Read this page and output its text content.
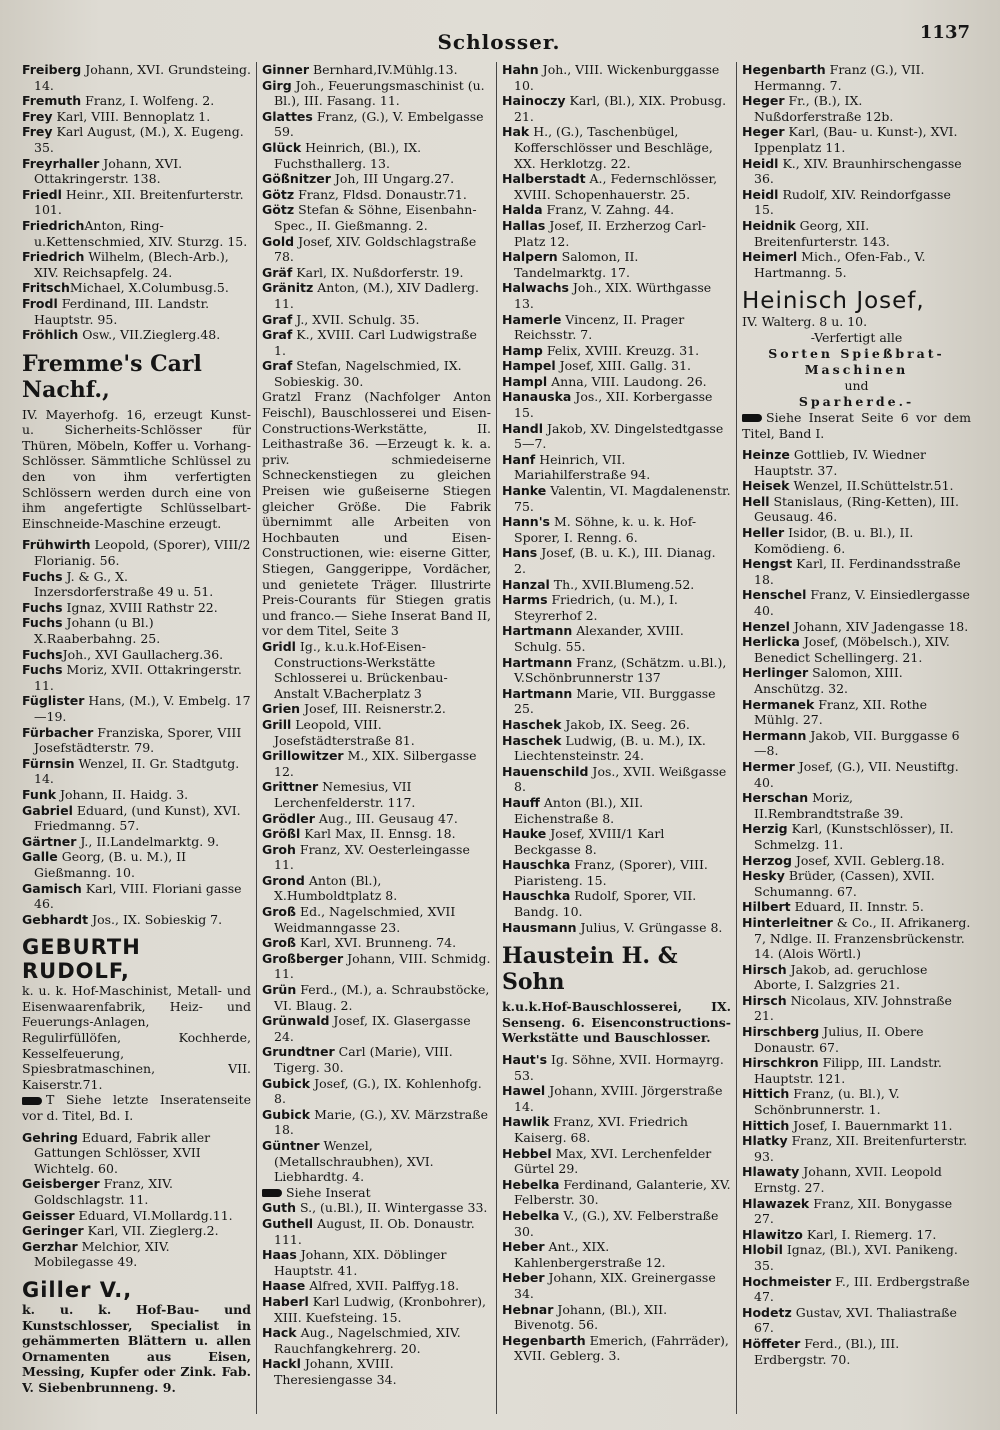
Schlosser.	1137

Freiberg Johann, XVI. Grundsteing. 14.

Fremuth Franz, I. Wolfeng. 2.

Frey Karl, VIII. Bennoplatz 1.

Frey Karl August, (M.), X. Eugeng. 35.

Freyrhaller Johann, XVI. Ottakringerstr. 138.

Friedl Heinr., XII. Breitenfurterstr. 101.

FriedrichAnton, Ring-u.Kettenschmied, XIV. Sturzg. 15.

Friedrich Wilhelm, (Blech-Arb.), XIV. Reichsapfelg. 24.

FritschMichael, X.Columbusg.5.

Frodl Ferdinand, III. Landstr. Hauptstr. 95.

Fröhlich Osw., VII.Zieglerg.48.

Fremme's Carl Nachf.,

IV. Mayerhofg. 16, erzeugt Kunst- u. Sicherheits-Schlösser für Thüren, Möbeln, Koffer u. Vorhang-Schlösser. Sämmtliche Schlüssel zu den von ihm verfertigten Schlössern werden durch eine von ihm angefertigte Schlüsselbart-Einschneide-Maschine erzeugt.

Frühwirth Leopold, (Sporer), VIII/2 Florianig. 56.

Fuchs J. & G., X. Inzersdorferstraße 49 u. 51.

Fuchs Ignaz, XVIII Rathstr 22.

Fuchs Johann (u Bl.) X.Raaberbahng. 25.

FuchsJoh., XVI Gaullacherg.36.

Fuchs Moriz, XVII. Ottakringerstr. 11.

Füglister Hans, (M.), V. Embelg. 17—19.

Fürbacher Franziska, Sporer, VIII Josefstädterstr. 79.

Fürnsin Wenzel, II. Gr. Stadtgutg. 14.

Funk Johann, II. Haidg. 3.

Gabriel Eduard, (und Kunst), XVI. Friedmanng. 57.

Gärtner J., II.Landelmarktg. 9.

Galle Georg, (B. u. M.), II Gießmanng. 10.

Gamisch Karl, VIII. Floriani gasse 46.

Gebhardt Jos., IX. Sobieskig 7.

GEBURTH RUDOLF,

k. u. k. Hof-Maschinist, Metall- und Eisenwaarenfabrik, Heiz- und Feuerungs-Anlagen, Regulirfüllöfen, Kochherde, Kesselfeuerung, Spiesbratmaschinen, VII. Kaiserstr.71.

T Siehe letzte Inseratenseite vor d. Titel, Bd. I.

Gehring Eduard, Fabrik aller Gattungen Schlösser, XVII Wichtelg. 60.

Geisberger Franz, XIV. Goldschlagstr. 11.

Geisser Eduard, VI.Mollardg.11.

Geringer Karl, VII. Zieglerg.2.

Gerzhar Melchior, XIV. Mobilegasse 49.

Giller V.,

k. u. k. Hof-Bau- und Kunstschlosser, Specialist in gehämmerten Blättern u. allen Ornamenten aus Eisen, Messing, Kupfer oder Zink. Fab. V. Siebenbrunneng. 9.

Ginner Bernhard,IV.Mühlg.13.

Girg Joh., Feuerungsmaschinist (u. Bl.), III. Fasang. 11.

Glattes Franz, (G.), V. Embelgasse 59.

Glück Heinrich, (Bl.), IX. Fuchsthallerg. 13.

Gößnitzer Joh, III Ungarg.27.

Götz Franz, Fldsd. Donaustr.71.

Götz Stefan & Söhne, Eisenbahn-Spec., II. Gießmanng. 2.

Gold Josef, XIV. Goldschlagstraße 78.

Gräf Karl, IX. Nußdorferstr. 19.

Gränitz Anton, (M.), XIV Dadlerg. 11.

Graf J., XVII. Schulg. 35.

Graf K., XVIII. Carl Ludwigstraße 1.

Graf Stefan, Nagelschmied, IX. Sobieskig. 30.

Gratzl Franz (Nachfolger Anton Feischl), Bauschlosserei und Eisen-Constructions-Werkstätte, II. Leithastraße 36. —Erzeugt k. k. a. priv. schmiedeiserne Schneckenstiegen zu gleichen Preisen wie gußeiserne Stiegen gleicher Größe. Die Fabrik übernimmt alle Arbeiten von Hochbauten und Eisen-Constructionen, wie: eiserne Gitter, Stiegen, Ganggerippe, Vordächer, und genietete Träger. Illustrirte Preis-Courants für Stiegen gratis und franco.— Siehe Inserat Band II, vor dem Titel, Seite 3

Gridl Ig., k.u.k.Hof-Eisen-Constructions-Werkstätte Schlosserei u. Brückenbau-Anstalt V.Bacherplatz 3

Grien Josef, III. Reisnerstr.2.

Grill Leopold, VIII. Josefstädterstraße 81.

Grillowitzer M., XIX. Silbergasse 12.

Grittner Nemesius, VII Lerchenfelderstr. 117.

Grödler Aug., III. Geusaug 47.

Größl Karl Max, II. Ennsg. 18.

Groh Franz, XV. Oesterleingasse 11.

Grond Anton (Bl.), X.Humboldtplatz 8.

Groß Ed., Nagelschmied, XVII Weidmanngasse 23.

Groß Karl, XVI. Brunneng. 74.

Großberger Johann, VIII. Schmidg. 11.

Grün Ferd., (M.), a. Schraubstöcke, VI. Blaug. 2.

Grünwald Josef, IX. Glasergasse 24.

Grundtner Carl (Marie), VIII. Tigerg. 30.

Gubick Josef, (G.), IX. Kohlenhofg. 8.

Gubick Marie, (G.), XV. Märzstraße 18.

Güntner Wenzel, (Metallschraubhen), XVI. Liebhardtg. 4.

Siehe Inserat

Guth S., (u.Bl.), II. Wintergasse 33.

Guthell August, II. Ob. Donaustr. 111.

Haas Johann, XIX. Döblinger Hauptstr. 41.

Haase Alfred, XVII. Palffyg.18.

Haberl Karl Ludwig, (Kronbohrer), XIII. Kuefsteing. 15.

Hack Aug., Nagelschmied, XIV. Rauchfangkehrerg. 20.

Hackl Johann, XVIII. Theresiengasse 34.

Hahn Joh., VIII. Wickenburggasse 10.

Hainoczy Karl, (Bl.), XIX. Probusg. 21.

Hak H., (G.), Taschenbügel, Kofferschlösser und Beschläge, XX. Herklotzg. 22.

Halberstadt A., Federnschlösser, XVIII. Schopenhauerstr. 25.

Halda Franz, V. Zahng. 44.

Hallas Josef, II. Erzherzog Carl-Platz 12.

Halpern Salomon, II. Tandelmarktg. 17.

Halwachs Joh., XIX. Würthgasse 13.

Hamerle Vincenz, II. Prager Reichsstr. 7.

Hamp Felix, XVIII. Kreuzg. 31.

Hampel Josef, XIII. Gallg. 31.

Hampl Anna, VIII. Laudong. 26.

Hanauska Jos., XII. Korbergasse 15.

Handl Jakob, XV. Dingelstedtgasse 5—7.

Hanf Heinrich, VII. Mariahilferstraße 94.

Hanke Valentin, VI. Magdalenenstr. 75.

Hann's M. Söhne, k. u. k. Hof-Sporer, I. Renng. 6.

Hans Josef, (B. u. K.), III. Dianag. 2.

Hanzal Th., XVII.Blumeng.52.

Harms Friedrich, (u. M.), I. Steyrerhof 2.

Hartmann Alexander, XVIII. Schulg. 55.

Hartmann Franz, (Schätzm. u.Bl.), V.Schönbrunnerstr 137

Hartmann Marie, VII. Burggasse 25.

Haschek Jakob, IX. Seeg. 26.

Haschek Ludwig, (B. u. M.), IX. Liechtensteinstr. 24.

Hauenschild Jos., XVII. Weißgasse 8.

Hauff Anton (Bl.), XII. Eichenstraße 8.

Hauke Josef, XVIII/1 Karl Beckgasse 8.

Hauschka Franz, (Sporer), VIII. Piaristeng. 15.

Hauschka Rudolf, Sporer, VII. Bandg. 10.

Hausmann Julius, V. Grüngasse 8.

Haustein H. & Sohn

k.u.k.Hof-Bauschlosserei, IX. Senseng. 6. Eisenconstructions-Werkstätte und Bauschlosser.

Haut's Ig. Söhne, XVII. Hormayrg. 53.

Hawel Johann, XVIII. Jörgerstraße 14.

Hawlik Franz, XVI. Friedrich Kaiserg. 68.

Hebbel Max, XVI. Lerchenfelder Gürtel 29.

Hebelka Ferdinand, Galanterie, XV. Felberstr. 30.

Hebelka V., (G.), XV. Felberstraße 30.

Heber Ant., XIX. Kahlenbergerstraße 12.

Heber Johann, XIX. Greinergasse 34.

Hebnar Johann, (Bl.), XII. Bivenotg. 56.

Hegenbarth Emerich, (Fahrräder), XVII. Geblerg. 3.

Hegenbarth Franz (G.), VII. Hermanng. 7.

Heger Fr., (B.), IX. Nußdorferstraße 12b.

Heger Karl, (Bau- u. Kunst-), XVI. Ippenplatz 11.

Heidl K., XIV. Braunhirschengasse 36.

Heidl Rudolf, XIV. Reindorfgasse 15.

Heidnik Georg, XII. Breitenfurterstr. 143.

Heimerl Mich., Ofen-Fab., V. Hartmanng. 5.

Heinisch Josef,

IV. Walterg. 8 u. 10.

-Verfertigt alle

Sorten Spießbrat-

Maschinen

und

Sparherde.-

Siehe Inserat Seite 6 vor dem Titel, Band I.

Heinze Gottlieb, IV. Wiedner Hauptstr. 37.

Heisek Wenzel, II.Schüttelstr.51.

Hell Stanislaus, (Ring-Ketten), III. Geusaug. 46.

Heller Isidor, (B. u. Bl.), II. Komödieng. 6.

Hengst Karl, II. Ferdinandsstraße 18.

Henschel Franz, V. Einsiedlergasse 40.

Henzel Johann, XIV Jadengasse 18.

Herlicka Josef, (Möbelsch.), XIV. Benedict Schellingerg. 21.

Herlinger Salomon, XIII. Anschützg. 32.

Hermanek Franz, XII. Rothe Mühlg. 27.

Hermann Jakob, VII. Burggasse 6—8.

Hermer Josef, (G.), VII. Neustiftg. 40.

Herschan Moriz, II.Rembrandtstraße 39.

Herzig Karl, (Kunstschlösser), II. Schmelzg. 11.

Herzog Josef, XVII. Geblerg.18.

Hesky Brüder, (Cassen), XVII. Schumanng. 67.

Hilbert Eduard, II. Innstr. 5.

Hinterleitner & Co., II. Afrikanerg. 7, Ndlge. II. Franzensbrückenstr. 14. (Alois Wörtl.)

Hirsch Jakob, ad. geruchlose Aborte, I. Salzgries 21.

Hirsch Nicolaus, XIV. Johnstraße 21.

Hirschberg Julius, II. Obere Donaustr. 67.

Hirschkron Filipp, III. Landstr. Hauptstr. 121.

Hittich Franz, (u. Bl.), V. Schönbrunnerstr. 1.

Hittich Josef, I. Bauernmarkt 11.

Hlatky Franz, XII. Breitenfurterstr. 93.

Hlawaty Johann, XVII. Leopold Ernstg. 27.

Hlawazek Franz, XII. Bonygasse 27.

Hlawitzo Karl, I. Riemerg. 17.

Hlobil Ignaz, (Bl.), XVI. Panikeng. 35.

Hochmeister F., III. Erdbergstraße 47.

Hodetz Gustav, XVI. Thaliastraße 67.

Höffeter Ferd., (Bl.), III. Erdbergstr. 70.
